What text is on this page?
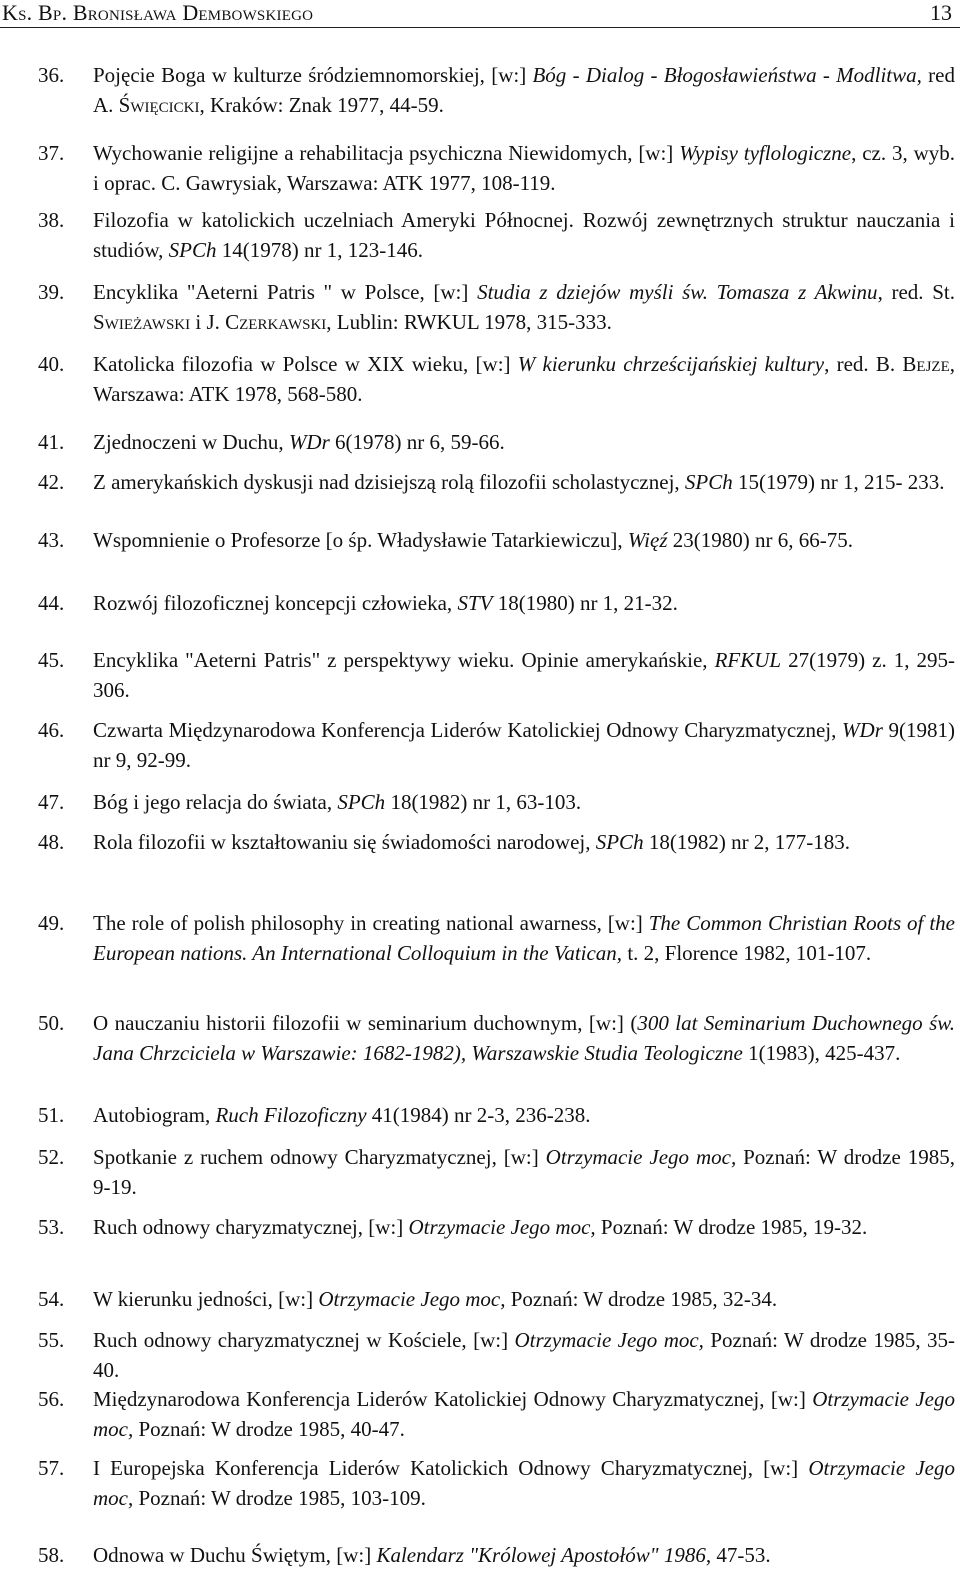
Ks. Bp. Bronisława Dembowskiego	13
36. Pojęcie Boga w kulturze śródziemnomorskiej, [w:] Bóg - Dialog - Błogosławieństwa - Modlitwa, red A. Święcicki, Kraków: Znak 1977, 44-59.
37. Wychowanie religijne a rehabilitacja psychiczna Niewidomych, [w:] Wypisy tyflologiczne, cz. 3, wyb. i oprac. C. Gawrysiak, Warszawa: ATK 1977, 108-119.
38. Filozofia w katolickich uczelniach Ameryki Północnej. Rozwój zewnętrznych struktur nauczania i studiów, SPCh 14(1978) nr 1, 123-146.
39. Encyklika "Aeterni Patris " w Polsce, [w:] Studia z dziejów myśli św. Tomasza z Akwinu, red. St. Swieżawski i J. Czerkawski, Lublin: RWKUL 1978, 315-333.
40. Katolicka filozofia w Polsce w XIX wieku, [w:] W kierunku chrześcijańskiej kultury, red. B. Bejze, Warszawa: ATK 1978, 568-580.
41. Zjednoczeni w Duchu, WDr 6(1978) nr 6, 59-66.
42. Z amerykańskich dyskusji nad dzisiejszą rolą filozofii scholastycznej, SPCh 15(1979) nr 1, 215- 233.
43. Wspomnienie o Profesorze [o śp. Władysławie Tatarkiewiczu], Więź 23(1980) nr 6, 66-75.
44. Rozwój filozoficznej koncepcji człowieka, STV 18(1980) nr 1, 21-32.
45. Encyklika "Aeterni Patris" z perspektywy wieku. Opinie amerykańskie, RFKUL 27(1979) z. 1, 295-306.
46. Czwarta Międzynarodowa Konferencja Liderów Katolickiej Odnowy Charyzmatycznej, WDr 9(1981) nr 9, 92-99.
47. Bóg i jego relacja do świata, SPCh 18(1982) nr 1, 63-103.
48. Rola filozofii w kształtowaniu się świadomości narodowej, SPCh 18(1982) nr 2, 177-183.
49. The role of polish philosophy in creating national awarness, [w:] The Common Christian Roots of the European nations. An International Colloquium in the Vatican, t. 2, Florence 1982, 101-107.
50. O nauczaniu historii filozofii w seminarium duchownym, [w:] (300 lat Seminarium Duchownego św. Jana Chrzciciela w Warszawie: 1682-1982), Warszawskie Studia Teologiczne 1(1983), 425-437.
51. Autobiogram, Ruch Filozoficzny 41(1984) nr 2-3, 236-238.
52. Spotkanie z ruchem odnowy Charyzmatycznej, [w:] Otrzymacie Jego moc, Poznań: W drodze 1985, 9-19.
53. Ruch odnowy charyzmatycznej, [w:] Otrzymacie Jego moc, Poznań: W drodze 1985, 19-32.
54. W kierunku jedności, [w:] Otrzymacie Jego moc, Poznań: W drodze 1985, 32-34.
55. Ruch odnowy charyzmatycznej w Kościele, [w:] Otrzymacie Jego moc, Poznań: W drodze 1985, 35-40.
56. Międzynarodowa Konferencja Liderów Katolickiej Odnowy Charyzmatycznej, [w:] Otrzymacie Jego moc, Poznań: W drodze 1985, 40-47.
57. I Europejska Konferencja Liderów Katolickich Odnowy Charyzmatycznej, [w:] Otrzymacie Jego moc, Poznań: W drodze 1985, 103-109.
58. Odnowa w Duchu Świętym, [w:] Kalendarz "Królowej Apostołów" 1986, 47-53.
